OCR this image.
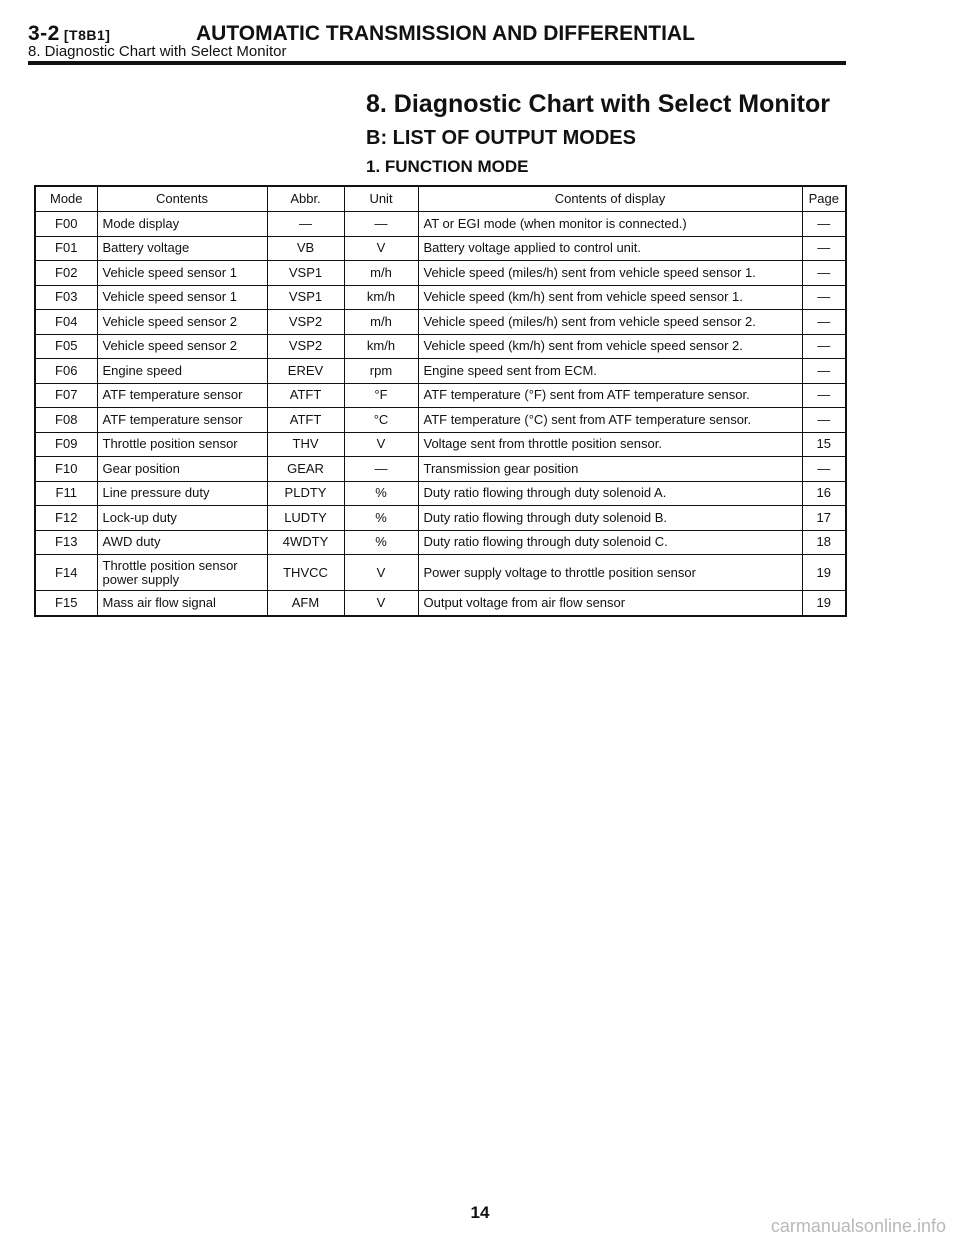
3-2 [T8B1]	AUTOMATIC TRANSMISSION AND DIFFERENTIAL
8. Diagnostic Chart with Select Monitor
8. Diagnostic Chart with Select Monitor
B: LIST OF OUTPUT MODES
1. FUNCTION MODE
Mode	Contents	Abbr.	Unit	Contents of display	Page
F00	Mode display	—	—	AT or EGI mode (when monitor is connected.)	—
F01	Battery voltage	VB	V	Battery voltage applied to control unit.	—
F02	Vehicle speed sensor 1	VSP1	m/h	Vehicle speed (miles/h) sent from vehicle speed sensor 1.	—
F03	Vehicle speed sensor 1	VSP1	km/h	Vehicle speed (km/h) sent from vehicle speed sensor 1.	—
F04	Vehicle speed sensor 2	VSP2	m/h	Vehicle speed (miles/h) sent from vehicle speed sensor 2.	—
F05	Vehicle speed sensor 2	VSP2	km/h	Vehicle speed (km/h) sent from vehicle speed sensor 2.	—
F06	Engine speed	EREV	rpm	Engine speed sent from ECM.	—
F07	ATF temperature sensor	ATFT	°F	ATF temperature (°F) sent from ATF temperature sensor.	—
F08	ATF temperature sensor	ATFT	°C	ATF temperature (°C) sent from ATF temperature sensor.	—
F09	Throttle position sensor	THV	V	Voltage sent from throttle position sensor.	15
F10	Gear position	GEAR	—	Transmission gear position	—
F11	Line pressure duty	PLDTY	%	Duty ratio flowing through duty solenoid A.	16
F12	Lock-up duty	LUDTY	%	Duty ratio flowing through duty solenoid B.	17
F13	AWD duty	4WDTY	%	Duty ratio flowing through duty solenoid C.	18
F14	Throttle position sensor power supply	THVCC	V	Power supply voltage to throttle position sensor	19
F15	Mass air flow signal	AFM	V	Output voltage from air flow sensor	19
14
carmanualsonline.info
